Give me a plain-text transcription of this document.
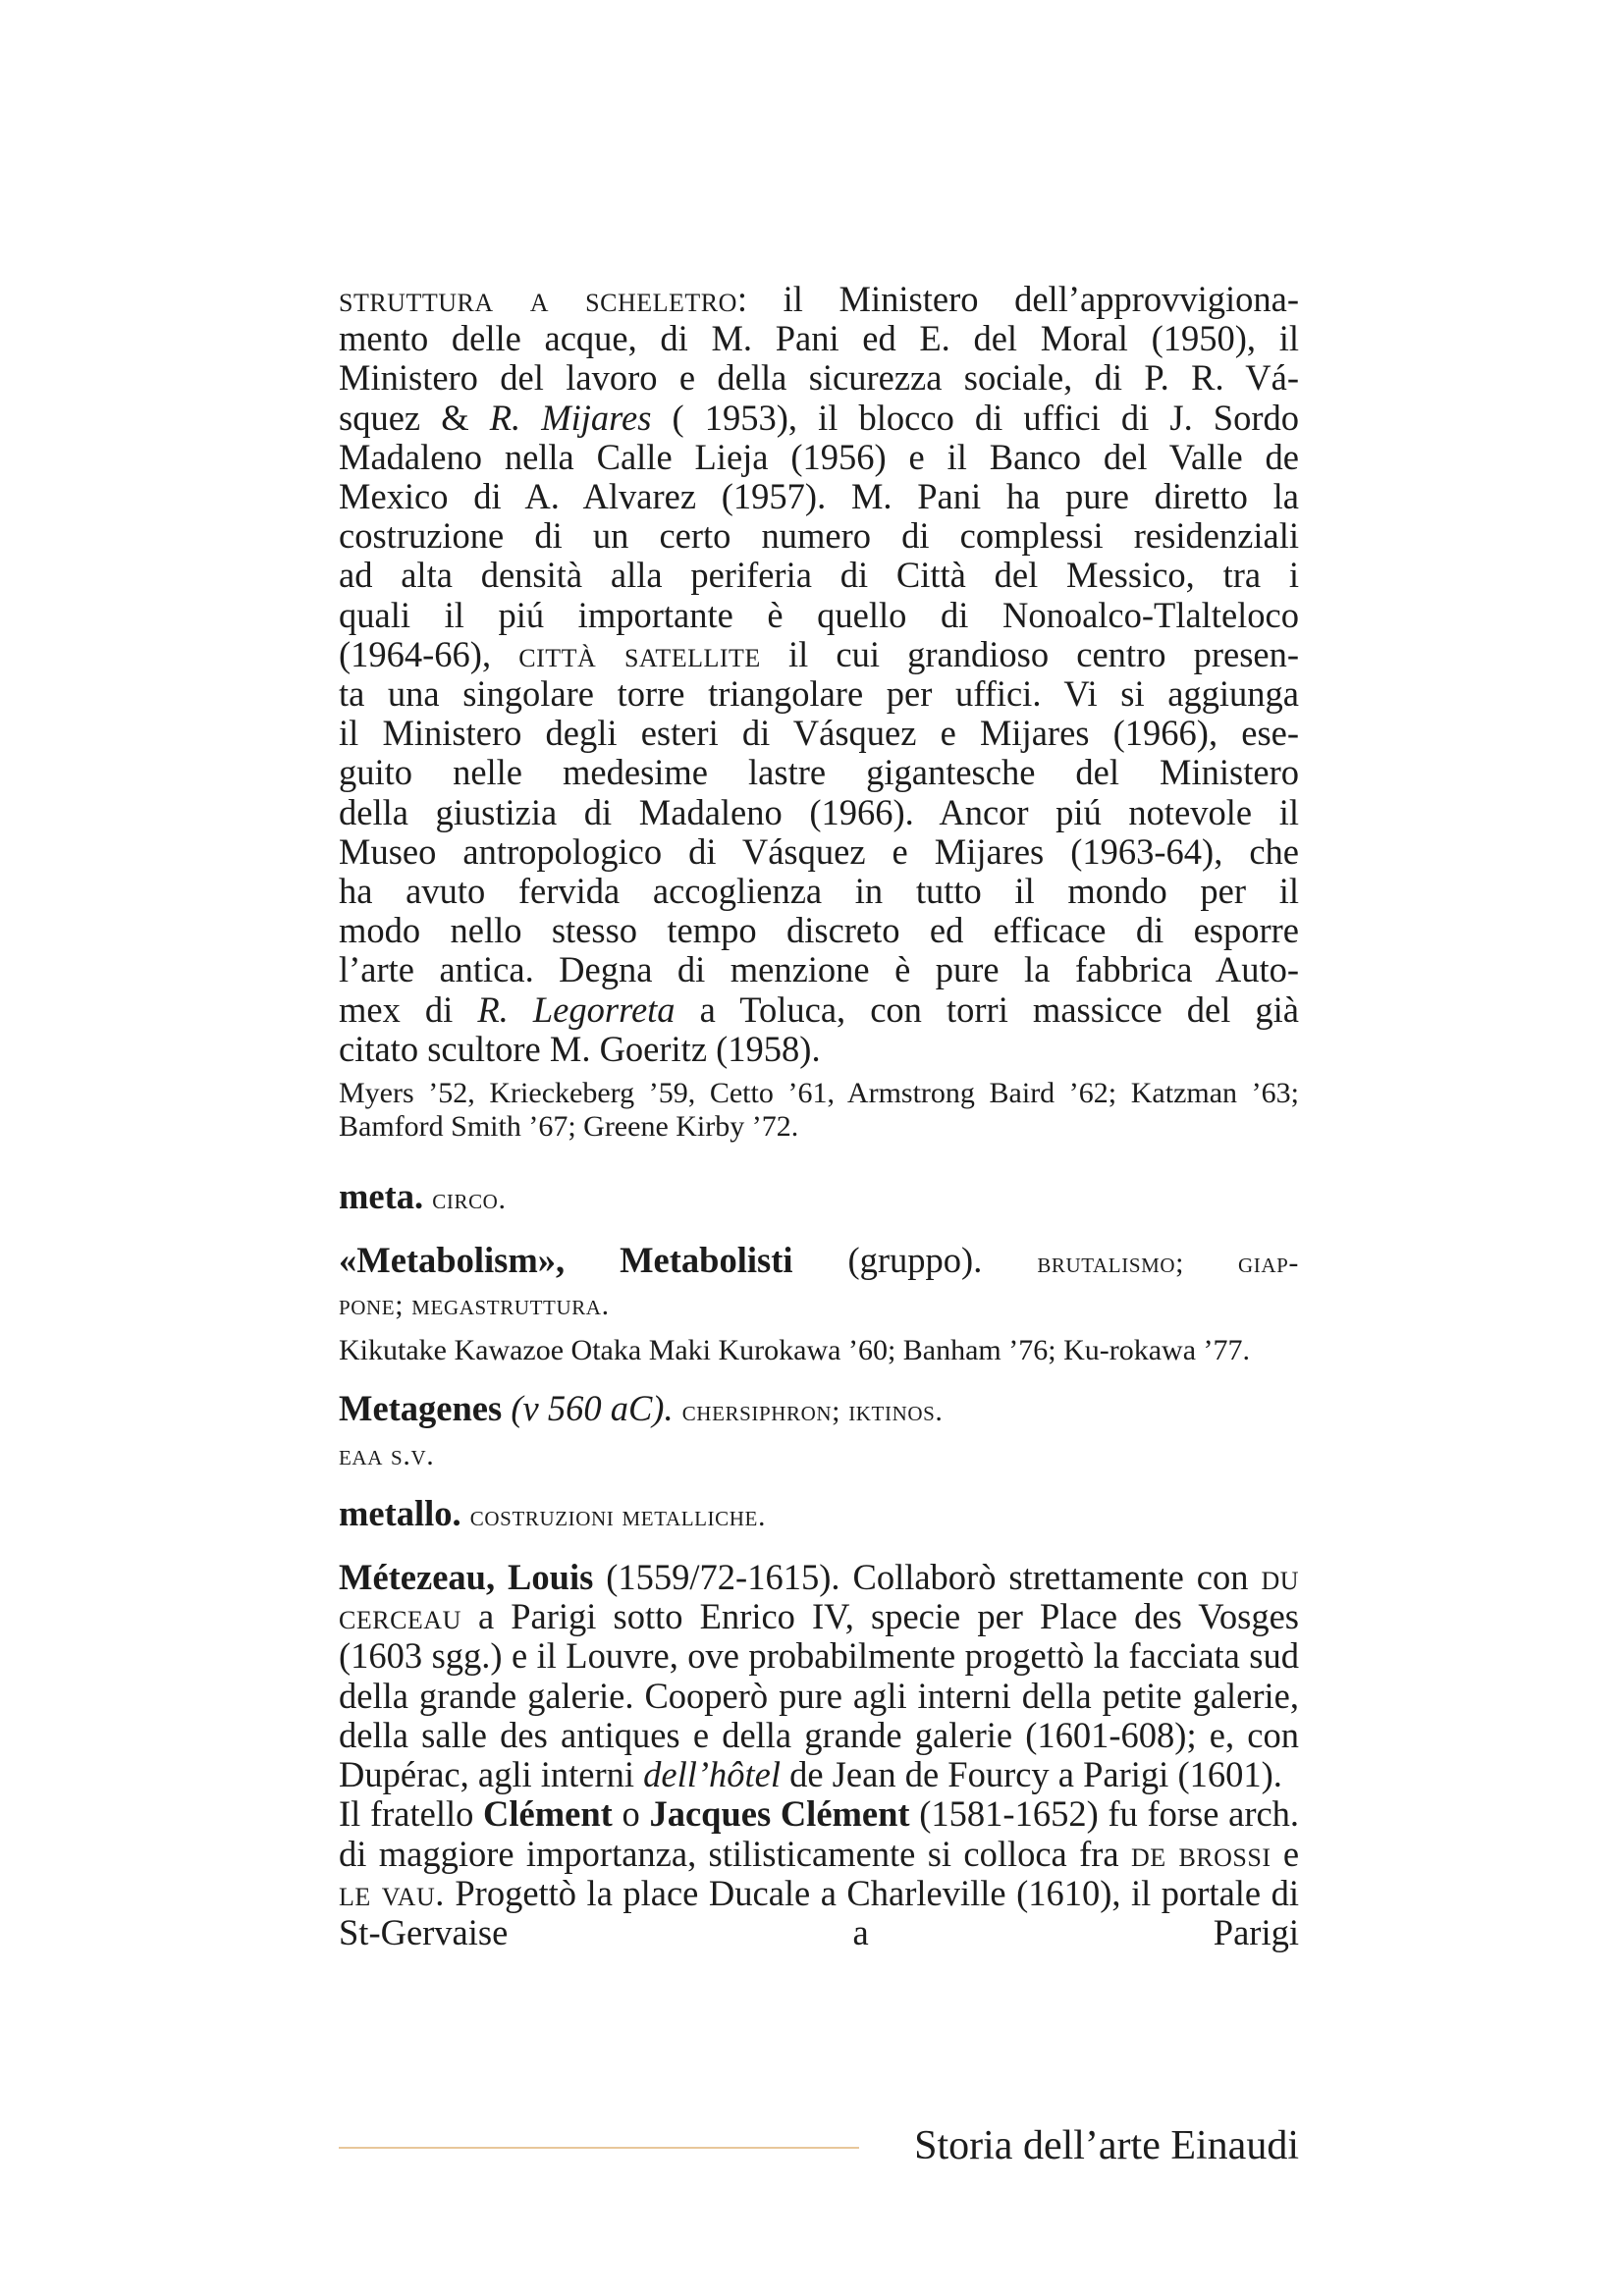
struttura a scheletro: il Ministero dell’approvvigiona-
mento delle acque, di M. Pani ed E. del Moral (1950), il
Ministero del lavoro e della sicurezza sociale, di P. R. Vá-
squez & R. Mijares ( 1953), il blocco di uffici di J. Sordo
Madaleno nella Calle Lieja (1956) e il Banco del Valle de
Mexico di A. Alvarez (1957). M. Pani ha pure diretto la
costruzione di un certo numero di complessi residenziali
ad alta densità alla periferia di Città del Messico, tra i
quali il piú importante è quello di Nonoalco-Tlalteloco
(1964-66), città satellite il cui grandioso centro presen-
ta una singolare torre triangolare per uffici. Vi si aggiunga
il Ministero degli esteri di Vásquez e Mijares (1966), ese-
guito nelle medesime lastre gigantesche del Ministero
della giustizia di Madaleno (1966). Ancor piú notevole il
Museo antropologico di Vásquez e Mijares (1963-64), che
ha avuto fervida accoglienza in tutto il mondo per il
modo nello stesso tempo discreto ed efficace di esporre
l’arte antica. Degna di menzione è pure la fabbrica Auto-
mex di R. Legorreta a Toluca, con torri massicce del già
citato scultore M. Goeritz (1958).

Myers ’52, Krieckeberg ’59, Cetto ’61, Armstrong Baird ’62; Katzman ’63; Bamford Smith ’67; Greene Kirby ’72.

meta. circo.

«Metabolism», Metabolisti (gruppo). brutalismo; giap-

pone; megastruttura.

Kikutake Kawazoe Otaka Maki Kurokawa ’60; Banham ’76; Ku-rokawa ’77.

Metagenes (v 560 aC). chersiphron; iktinos.

eaa s.v.

metallo. costruzioni metalliche.

Métezeau, Louis (1559/72-1615). Collaborò strettamente con du cerceau a Parigi sotto Enrico IV, specie per Place des Vosges (1603 sgg.) e il Louvre, ove probabilmente progettò la facciata sud della grande galerie. Cooperò pure agli interni della petite galerie, della salle des antiques e della grande galerie (1601-608); e, con Dupérac, agli interni dell’hôtel de Jean de Fourcy a Parigi (1601).

Il fratello Clément o Jacques Clément (1581-1652) fu forse arch. di maggiore importanza, stilisticamente si colloca fra de brossi e le vau. Progettò la place Ducale a Charleville (1610), il portale di St-Gervaise a Parigi

Storia dell’arte Einaudi
